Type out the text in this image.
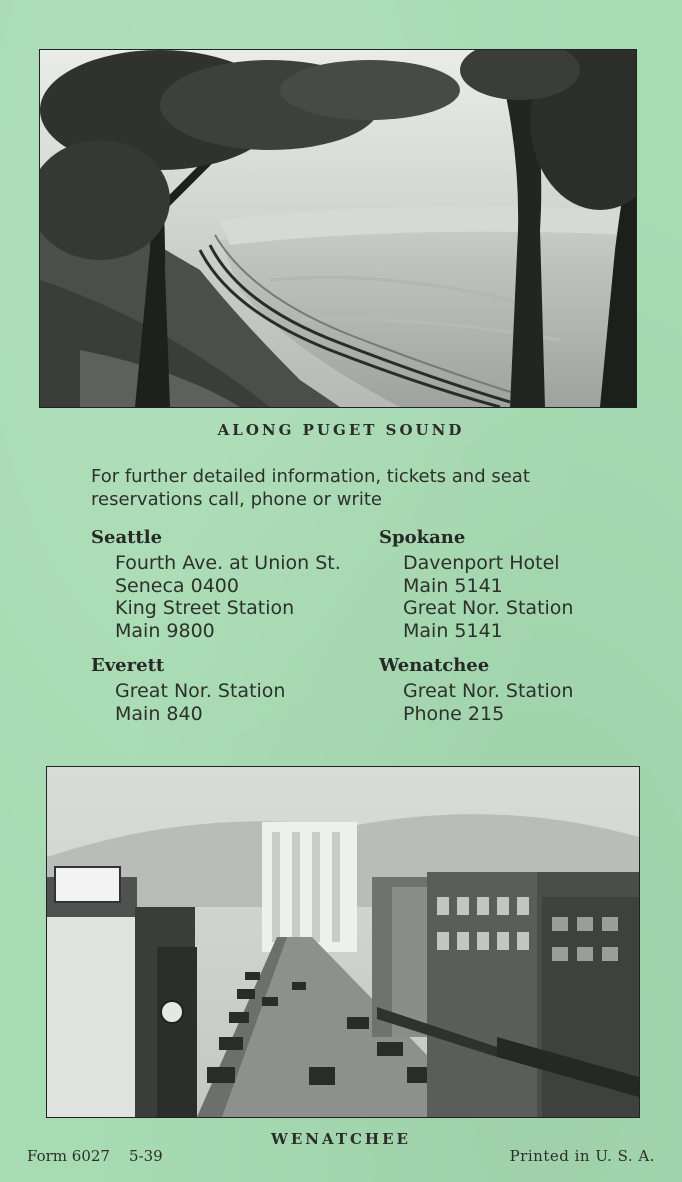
ALONG PUGET SOUND
For further detailed information, tickets and seat
reservations call, phone or write
Seattle
Fourth Ave. at Union St.
Seneca 0400
King Street Station
Main 9800
Spokane
Davenport Hotel
Main 5141
Great Nor. Station
Main 5141
Everett
Great Nor. Station
Main 840
Wenatchee
Great Nor. Station
Phone 215
WENATCHEE
Form 6027    5-39	Printed in U. S. A.
